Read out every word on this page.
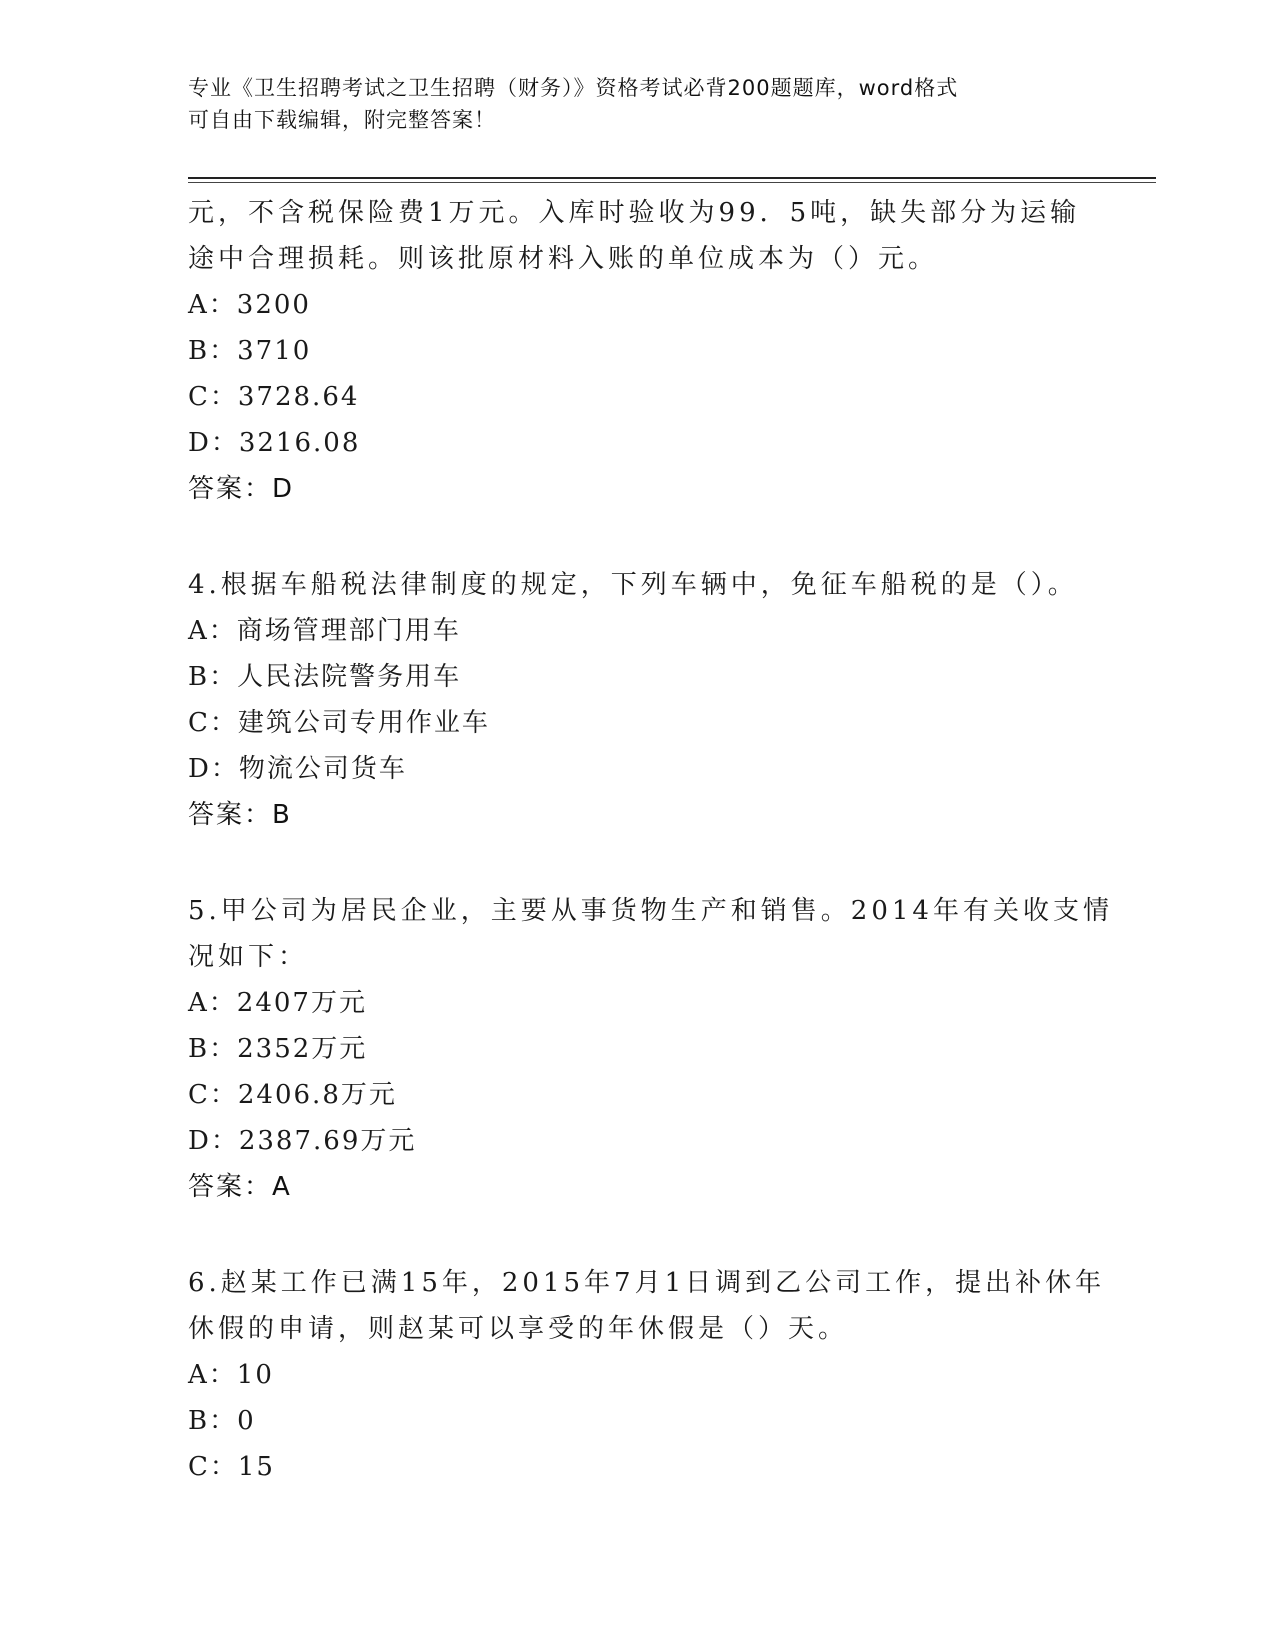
专业《卫生招聘考试之卫生招聘（财务）》资格考试必背200题题库，word格式
可自由下载编辑，附完整答案！
元，不含税保险费1万元。入库时验收为99．5吨，缺失部分为运输
途中合理损耗。则该批原材料入账的单位成本为（）元。
A：3200
B：3710
C：3728.64
D：3216.08
答案：D
4.根据车船税法律制度的规定，下列车辆中，免征车船税的是（）。
A：商场管理部门用车
B：人民法院警务用车
C：建筑公司专用作业车
D：物流公司货车
答案：B
5.甲公司为居民企业，主要从事货物生产和销售。2014年有关收支情
况如下：
A：2407万元
B：2352万元
C：2406.8万元
D：2387.69万元
答案：A
6.赵某工作已满15年，2015年7月1日调到乙公司工作，提出补休年
休假的申请，则赵某可以享受的年休假是（）天。
A：10
B：0
C：15
